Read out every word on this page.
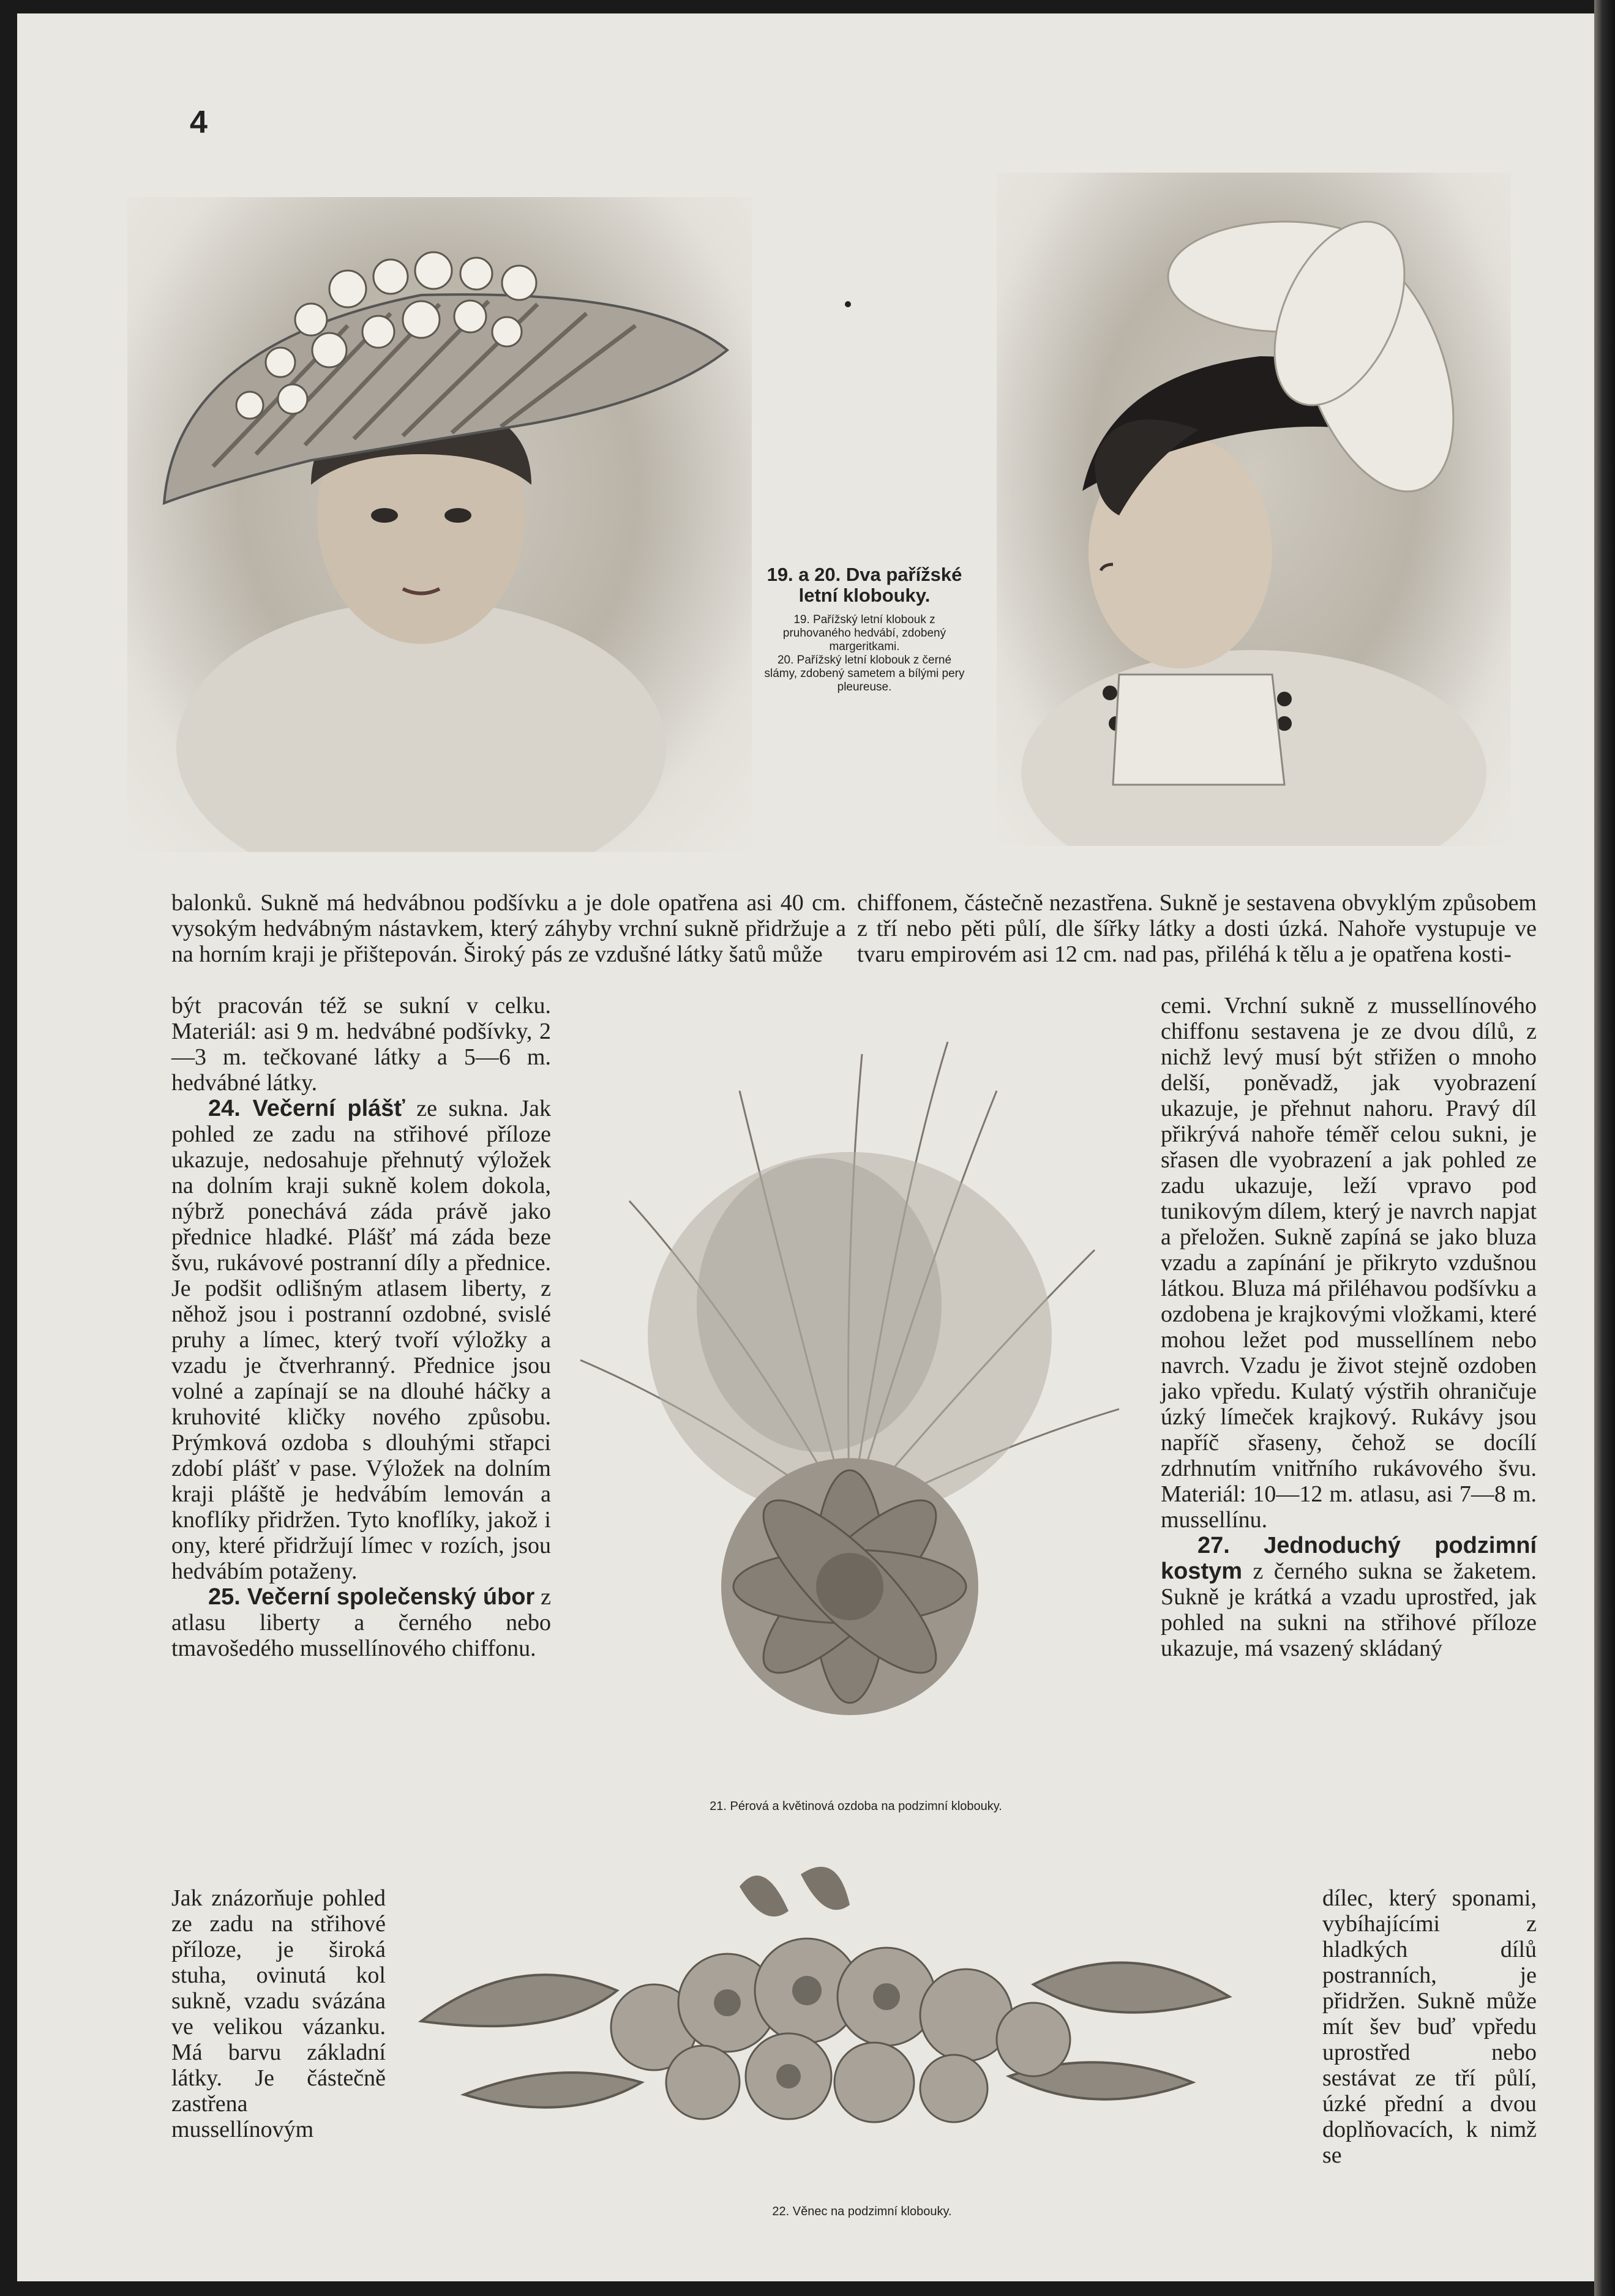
4

19. a 20. Dva pařížské letní klobouky.

19. Pařížský letní klobouk z pruhovaného hedvábí, zdobený margeritkami.

20. Pařížský letní klobouk z černé slámy, zdobený sametem a bílými pery pleureuse.

balonků. Sukně má hedvábnou podšívku a je dole opatřena asi 40 cm. vysokým hedvábným nástavkem, který záhyby vrchní sukně přidržuje a na horním kraji je přištepován. Široký pás ze vzdušné látky šatů může

chiffonem, částečně nezastřena. Sukně je sestavena obvyklým způsobem z tří nebo pěti půlí, dle šířky látky a dosti úzká. Nahoře vystupuje ve tvaru empirovém asi 12 cm. nad pas, přiléhá k tělu a je opatřena kosti-

být pracován též se sukní v celku. Materiál: asi 9 m. hedvábné podšívky, 2—3 m. tečkované látky a 5—6 m. hedvábné látky.

24. Večerní plášť ze sukna. Jak pohled ze zadu na střihové příloze ukazuje, nedosahuje přehnutý výložek na dolním kraji sukně kolem dokola, nýbrž ponechává záda právě jako přednice hladké. Plášť má záda beze švu, rukávové postranní díly a přednice. Je podšit odlišným atlasem liberty, z něhož jsou i postranní ozdobné, svislé pruhy a límec, který tvoří výložky a vzadu je čtverhranný. Přednice jsou volné a zapínají se na dlouhé háčky a kruhovité kličky nového způsobu. Prýmková ozdoba s dlouhými střapci zdobí plášť v pase. Výložek na dolním kraji pláště je hedvábím lemován a knoflíky přidržen. Tyto knoflíky, jakož i ony, které přidržují límec v rozích, jsou hedvábím potaženy.

25. Večerní společenský úbor z atlasu liberty a černého nebo tmavošedého mussellínového chiffonu.

Jak znázorňuje pohled ze zadu na střihové příloze, je široká stuha, ovinutá kol sukně, vzadu svázána ve velikou vázanku. Má barvu základní látky. Je částečně zastřena mussellínovým

cemi. Vrchní sukně z mussellínového chiffonu sestavena je ze dvou dílů, z nichž levý musí být střižen o mnoho delší, poněvadž, jak vyobrazení ukazuje, je přehnut nahoru. Pravý díl přikrývá nahoře téměř celou sukni, je sřasen dle vyobrazení a jak pohled ze zadu ukazuje, leží vpravo pod tunikovým dílem, který je navrch napjat a přeložen. Sukně zapíná se jako bluza vzadu a zapínání je přikryto vzdušnou látkou. Bluza má přiléhavou podšívku a ozdobena je krajkovými vložkami, které mohou ležet pod mussellínem nebo navrch. Vzadu je život stejně ozdoben jako vpředu. Kulatý výstřih ohraničuje úzký límeček krajkový. Rukávy jsou napříč sřaseny, čehož se docílí zdrhnutím vnitřního rukávového švu. Materiál: 10—12 m. atlasu, asi 7—8 m. mussellínu.

27. Jednoduchý podzimní kostym z černého sukna se žaketem. Sukně je krátká a vzadu uprostřed, jak pohled na sukni na střihové příloze ukazuje, má vsazený skládaný

dílec, který sponami, vybíhajícími z hladkých dílů postranních, je přidržen. Sukně může mít šev buď vpředu uprostřed nebo sestávat ze tří půlí, úzké přední a dvou doplňovacích, k nimž se

21. Pérová a květinová ozdoba na podzimní klobouky.
22. Věnec na podzimní klobouky.
